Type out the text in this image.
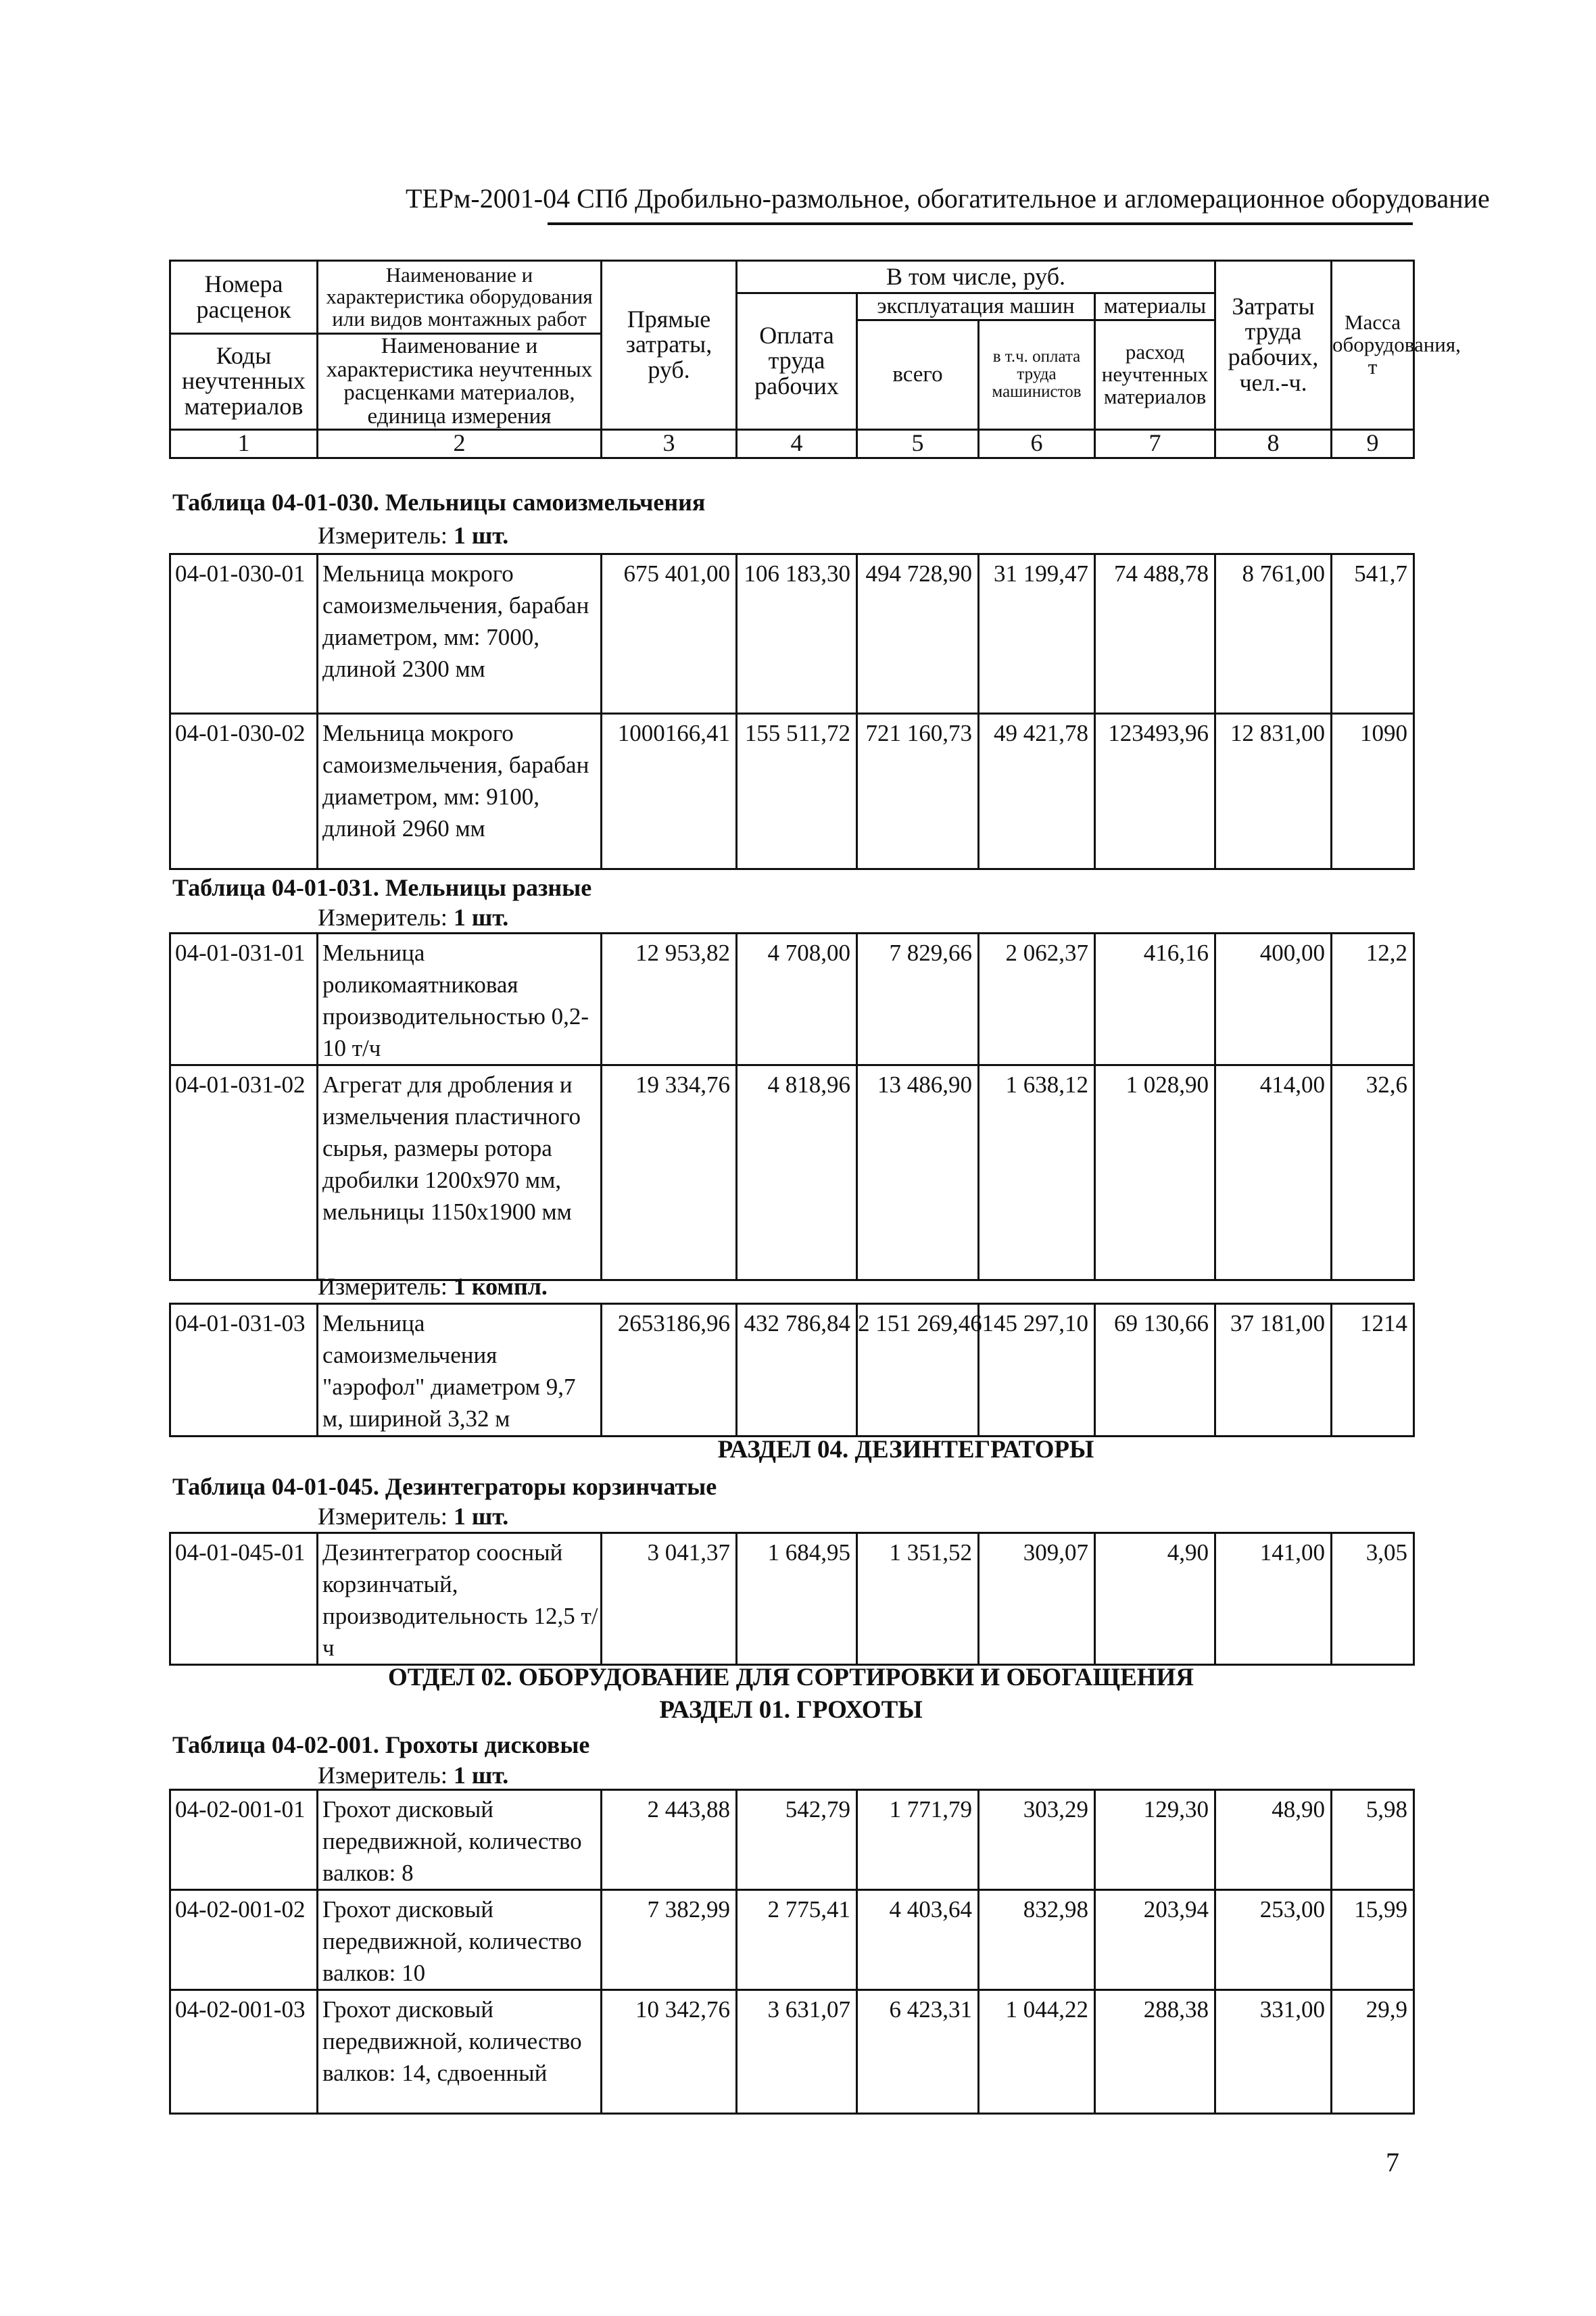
ТЕРм-2001-04 СПб Дробильно-размольное, обогатительное и агломерационное оборудование
Номера расценок	Наименование и характеристика оборудования или видов монтажных работ	Прямые затраты, руб.	В том числе, руб.				Затраты труда рабочих, чел.-ч.	Масса оборудования, т
			Оплата труда рабочих	эксплуатация машин		материалы		
				всего	в т.ч. оплата труда машинистов	расход неучтенных материалов		
Коды неучтенных материалов	Наименование и характеристика неучтенных расценками материалов, единица измерения							

1	2	3	4	5	6	7	8	9
Таблица 04-01-030. Мельницы самоизмельчения
Измеритель: 1 шт.
04-01-030-01	Мельница мокрого самоизмельчения, барабан диаметром, мм: 7000, длиной 2300 мм	675 401,00	106 183,30	494 728,90	31 199,47	74 488,78	8 761,00	541,7
04-01-030-02	Мельница мокрого самоизмельчения, барабан диаметром, мм: 9100, длиной 2960 мм	1000166,41	155 511,72	721 160,73	49 421,78	123493,96	12 831,00	1090
Таблица 04-01-031. Мельницы разные
Измеритель: 1 шт.
04-01-031-01	Мельница роликомаятниковая производительностью 0,2-10 т/ч	12 953,82	4 708,00	7 829,66	2 062,37	416,16	400,00	12,2
04-01-031-02	Агрегат для дробления и измельчения пластичного сырья, размеры ротора дробилки 1200x970 мм, мельницы 1150x1900 мм	19 334,76	4 818,96	13 486,90	1 638,12	1 028,90	414,00	32,6
Измеритель: 1 компл.
04-01-031-03	Мельница самоизмельчения "аэрофол" диаметром 9,7 м, шириной 3,32 м	2653186,96	432 786,84	2 151 269,46	145 297,10	69 130,66	37 181,00	1214
РАЗДЕЛ 04. ДЕЗИНТЕГРАТОРЫ
Таблица 04-01-045. Дезинтеграторы корзинчатые
Измеритель: 1 шт.
04-01-045-01	Дезинтегратор соосный корзинчатый, производительность 12,5 т/ч	3 041,37	1 684,95	1 351,52	309,07	4,90	141,00	3,05
ОТДЕЛ 02. ОБОРУДОВАНИЕ ДЛЯ СОРТИРОВКИ И ОБОГАЩЕНИЯ
РАЗДЕЛ 01. ГРОХОТЫ
Таблица 04-02-001. Грохоты дисковые
Измеритель: 1 шт.
04-02-001-01	Грохот дисковый передвижной, количество валков: 8	2 443,88	542,79	1 771,79	303,29	129,30	48,90	5,98
04-02-001-02	Грохот дисковый передвижной, количество валков: 10	7 382,99	2 775,41	4 403,64	832,98	203,94	253,00	15,99
04-02-001-03	Грохот дисковый передвижной, количество валков: 14, сдвоенный	10 342,76	3 631,07	6 423,31	1 044,22	288,38	331,00	29,9
7
